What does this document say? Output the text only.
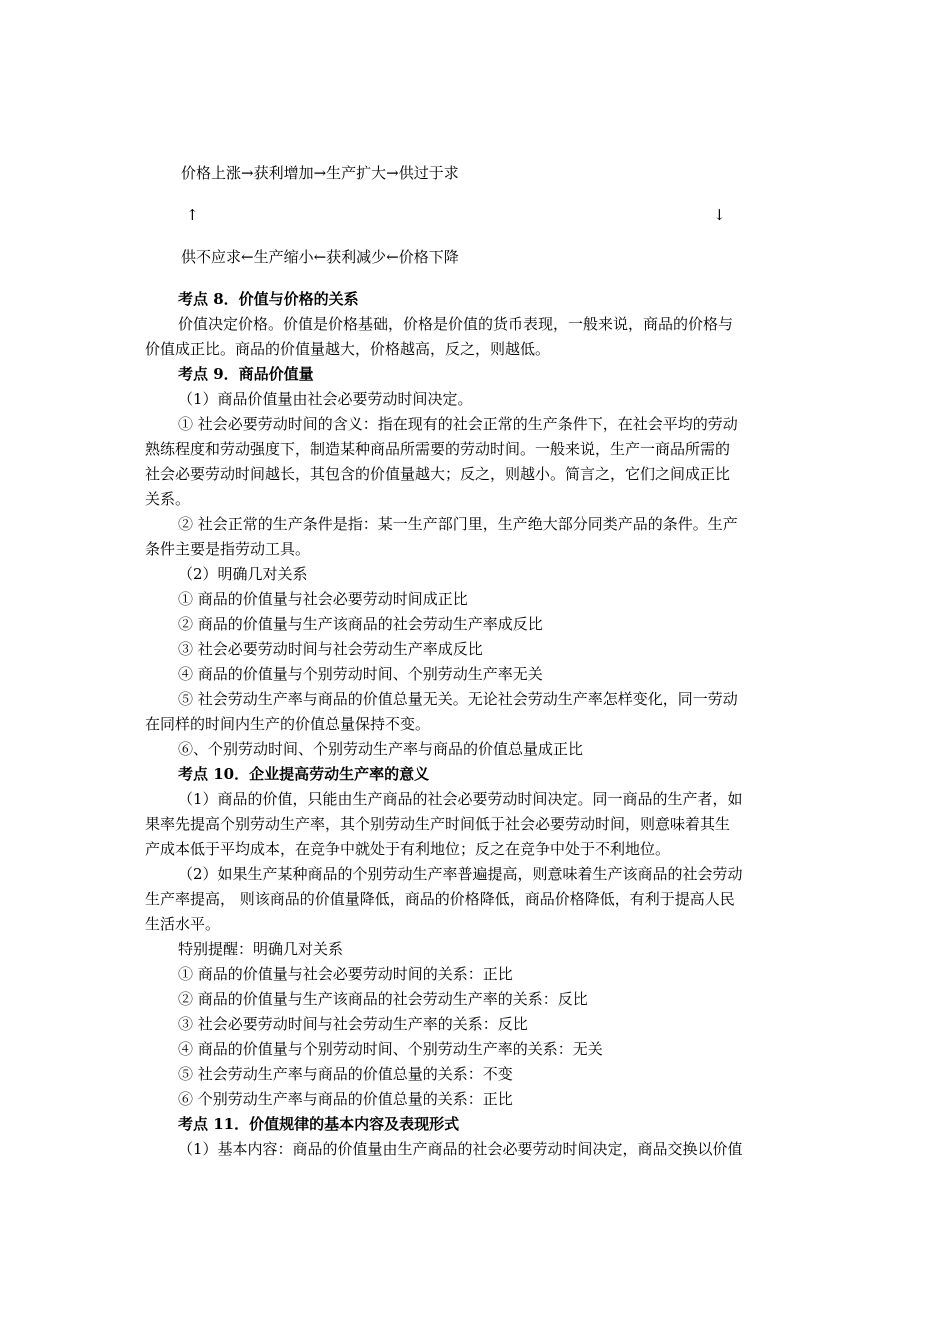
价格上涨→获利增加→生产扩大→供过于求
↑	↓
供不应求←生产缩小←获利减少←价格下降
考点 8．价值与价格的关系
价值决定价格。价值是价格基础，价格是价值的货币表现，一般来说，商品的价格与
价值成正比。商品的价值量越大，价格越高，反之，则越低。
考点 9．商品价值量
（1）商品价值量由社会必要劳动时间决定。
① 社会必要劳动时间的含义：指在现有的社会正常的生产条件下，在社会平均的劳动
熟练程度和劳动强度下，制造某种商品所需要的劳动时间。一般来说，生产一商品所需的
社会必要劳动时间越长，其包含的价值量越大；反之，则越小。简言之，它们之间成正比
关系。
② 社会正常的生产条件是指：某一生产部门里，生产绝大部分同类产品的条件。生产
条件主要是指劳动工具。
（2）明确几对关系
① 商品的价值量与社会必要劳动时间成正比
② 商品的价值量与生产该商品的社会劳动生产率成反比
③ 社会必要劳动时间与社会劳动生产率成反比
④ 商品的价值量与个别劳动时间、个别劳动生产率无关
⑤ 社会劳动生产率与商品的价值总量无关。无论社会劳动生产率怎样变化，同一劳动
在同样的时间内生产的价值总量保持不变。
⑥、个别劳动时间、个别劳动生产率与商品的价值总量成正比
考点 10．企业提高劳动生产率的意义
（1）商品的价值，只能由生产商品的社会必要劳动时间决定。同一商品的生产者，如
果率先提高个别劳动生产率，其个别劳动生产时间低于社会必要劳动时间，则意味着其生
产成本低于平均成本，在竞争中就处于有利地位；反之在竞争中处于不利地位。
（2）如果生产某种商品的个别劳动生产率普遍提高，则意味着生产该商品的社会劳动
生产率提高， 则该商品的价值量降低，商品的价格降低，商品价格降低，有利于提高人民
生活水平。
特别提醒：明确几对关系
① 商品的价值量与社会必要劳动时间的关系：正比
② 商品的价值量与生产该商品的社会劳动生产率的关系：反比
③ 社会必要劳动时间与社会劳动生产率的关系：反比
④ 商品的价值量与个别劳动时间、个别劳动生产率的关系：无关
⑤ 社会劳动生产率与商品的价值总量的关系：不变
⑥ 个别劳动生产率与商品的价值总量的关系：正比
考点 11．价值规律的基本内容及表现形式
（1）基本内容：商品的价值量由生产商品的社会必要劳动时间决定，商品交换以价值
